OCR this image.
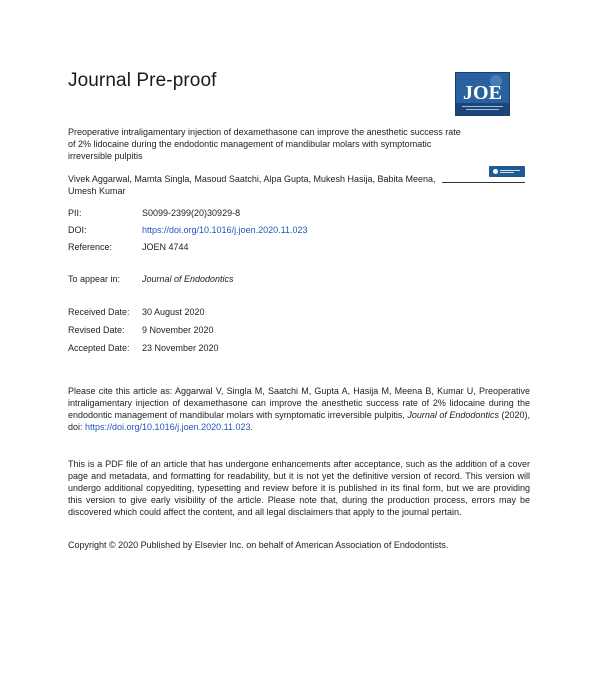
Journal Pre-proof
JOE
Preoperative intraligamentary injection of dexamethasone can improve the anesthetic success rate of 2% lidocaine during the endodontic management of mandibular molars with symptomatic irreversible pulpitis
Vivek Aggarwal, Mamta Singla, Masoud Saatchi, Alpa Gupta, Mukesh Hasija, Babita Meena, Umesh Kumar
PII:	S0099-2399(20)30929-8
DOI:	https://doi.org/10.1016/j.joen.2020.11.023
Reference:	JOEN 4744
To appear in: Journal of Endodontics
Received Date: 30 August 2020
Revised Date: 9 November 2020
Accepted Date: 23 November 2020
Please cite this article as: Aggarwal V, Singla M, Saatchi M, Gupta A, Hasija M, Meena B, Kumar U, Preoperative intraligamentary injection of dexamethasone can improve the anesthetic success rate of 2% lidocaine during the endodontic management of mandibular molars with symptomatic irreversible pulpitis, Journal of Endodontics (2020), doi: https://doi.org/10.1016/j.joen.2020.11.023.
This is a PDF file of an article that has undergone enhancements after acceptance, such as the addition of a cover page and metadata, and formatting for readability, but it is not yet the definitive version of record. This version will undergo additional copyediting, typesetting and review before it is published in its final form, but we are providing this version to give early visibility of the article. Please note that, during the production process, errors may be discovered which could affect the content, and all legal disclaimers that apply to the journal pertain.
Copyright © 2020 Published by Elsevier Inc. on behalf of American Association of Endodontists.
